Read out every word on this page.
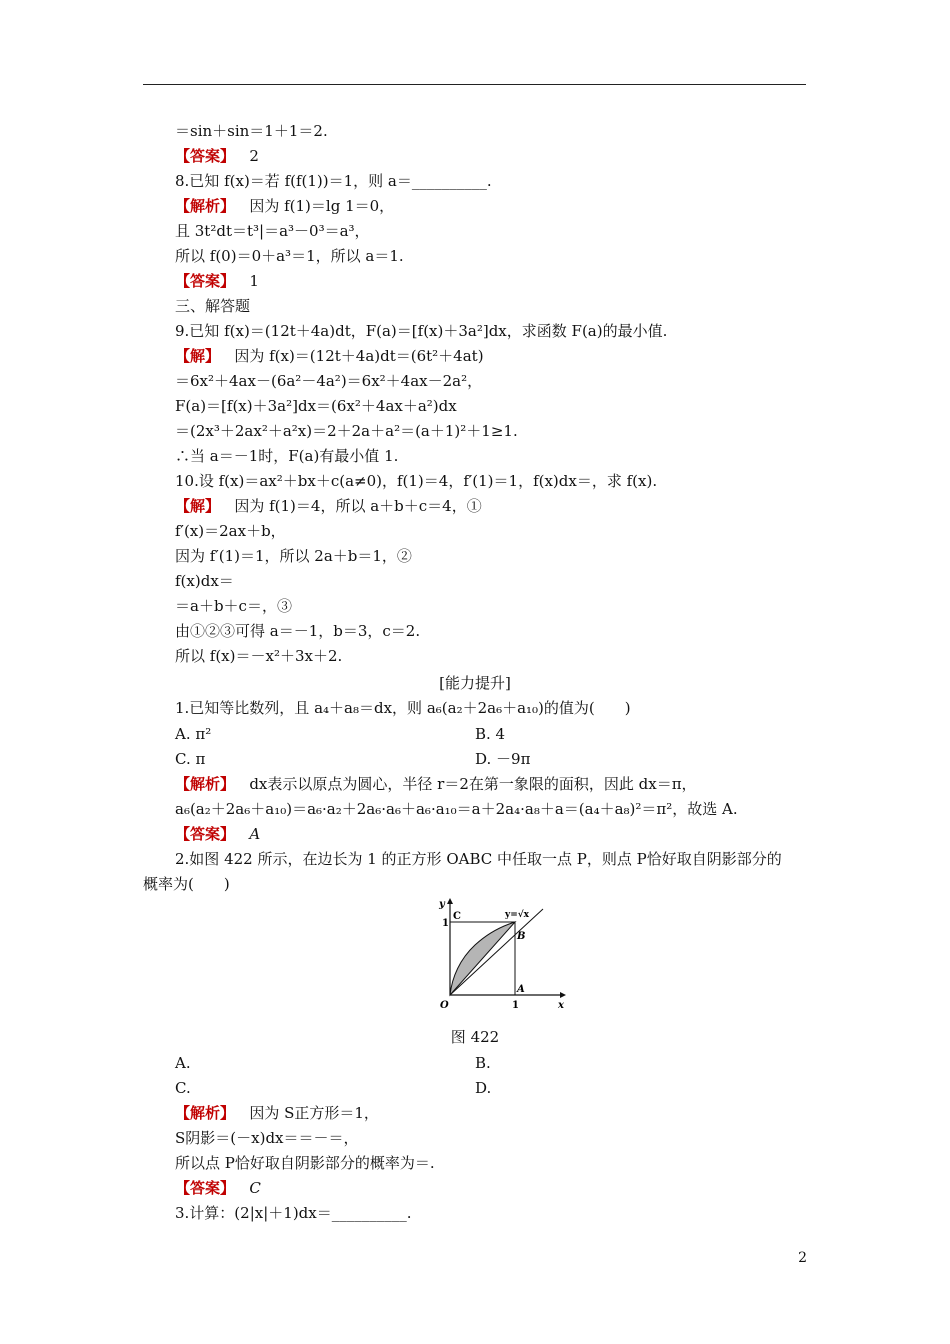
＝sin＋sin＝1＋1＝2.
【答案】 2
8.已知 f(x)＝若 f(f(1))＝1，则 a＝__________.
【解析】 因为 f(1)＝lg 1＝0，
且 3t²dt＝t³|＝a³－0³＝a³，
所以 f(0)＝0＋a³＝1，所以 a＝1.
【答案】 1
三、解答题
9.已知 f(x)＝(12t＋4a)dt，F(a)＝[f(x)＋3a²]dx，求函数 F(a)的最小值.
【解】 因为 f(x)＝(12t＋4a)dt＝(6t²＋4at)
＝6x²＋4ax－(6a²－4a²)＝6x²＋4ax－2a²，
F(a)＝[f(x)＋3a²]dx＝(6x²＋4ax＋a²)dx
＝(2x³＋2ax²＋a²x)＝2＋2a＋a²＝(a＋1)²＋1≥1.
∴当 a＝－1时，F(a)有最小值 1.
10.设 f(x)＝ax²＋bx＋c(a≠0)，f(1)＝4，f′(1)＝1，f(x)dx＝，求 f(x).
【解】 因为 f(1)＝4，所以 a＋b＋c＝4，①
f′(x)＝2ax＋b，
因为 f′(1)＝1，所以 2a＋b＝1，②
f(x)dx＝
＝a＋b＋c＝，③
由①②③可得 a＝－1，b＝3，c＝2.
所以 f(x)＝－x²＋3x＋2.
[能力提升]
1.已知等比数列，且 a₄＋a₈＝dx，则 a₆(a₂＋2a₆＋a₁₀)的值为(　　)
A. π²	B. 4
C. π	D. －9π
【解析】 dx表示以原点为圆心，半径 r＝2在第一象限的面积，因此 dx＝π，
a₆(a₂＋2a₆＋a₁₀)＝a₆·a₂＋2a₆·a₆＋a₆·a₁₀＝a＋2a₄·a₈＋a＝(a₄＋a₈)²＝π²，故选 A.
【答案】 A
2.如图 422 所示，在边长为 1 的正方形 OABC 中任取一点 P，则点 P恰好取自阴影部分的
概率为(　　)
y
x
C
B
A
O
1
1
y=√x
图 422
A.	B.
C.	D.
【解析】 因为 S正方形＝1，
S阴影＝(－x)dx＝＝－＝，
所以点 P恰好取自阴影部分的概率为＝.
【答案】 C
3.计算：(2|x|＋1)dx＝__________.
2
